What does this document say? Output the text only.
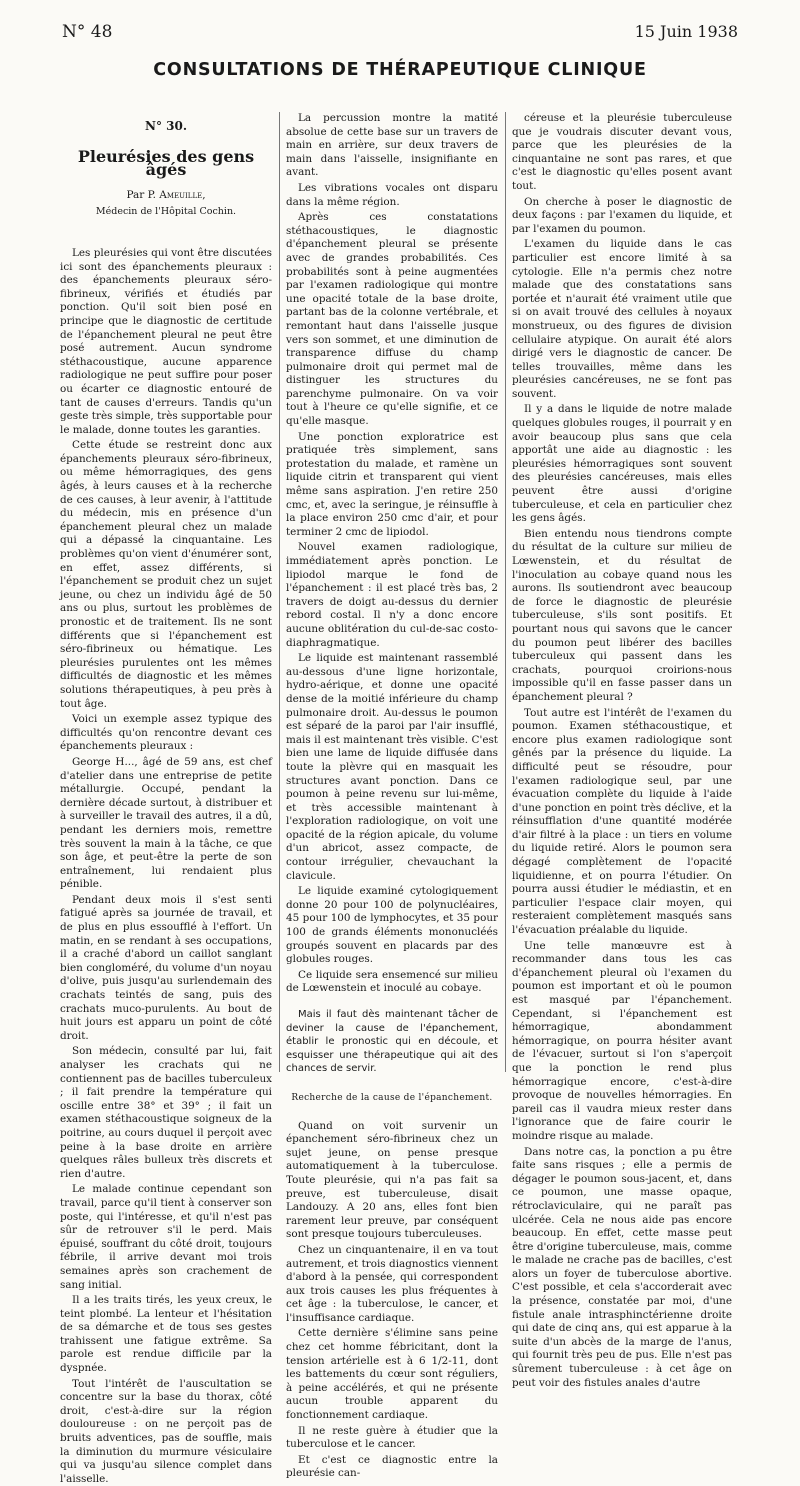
N° 48	15 Juin 1938
CONSULTATIONS DE THÉRAPEUTIQUE CLINIQUE
N° 30.
Pleurésies des gens âgés
Par P. Ameuille,
Médecin de l'Hôpital Cochin.

Les pleurésies qui vont être discutées ici sont des épanchements pleuraux : des épanchements pleuraux séro-fibrineux, vérifiés et étudiés par ponction. Qu'il soit bien posé en principe que le diagnostic de certitude de l'épanchement pleural ne peut être posé autrement. Aucun syndrome stéthacoustique, aucune apparence radiologique ne peut suffire pour poser ou écarter ce diagnostic entouré de tant de causes d'erreurs. Tandis qu'un geste très simple, très supportable pour le malade, donne toutes les garanties.

Cette étude se restreint donc aux épanchements pleuraux séro-fibrineux, ou même hémorragiques, des gens âgés, à leurs causes et à la recherche de ces causes, à leur avenir, à l'attitude du médecin, mis en présence d'un épanchement pleural chez un malade qui a dépassé la cinquantaine. Les problèmes qu'on vient d'énumérer sont, en effet, assez différents, si l'épanchement se produit chez un sujet jeune, ou chez un individu âgé de 50 ans ou plus, surtout les problèmes de pronostic et de traitement. Ils ne sont différents que si l'épanchement est séro-fibrineux ou hématique. Les pleurésies purulentes ont les mêmes difficultés de diagnostic et les mêmes solutions thérapeutiques, à peu près à tout âge.

Voici un exemple assez typique des difficultés qu'on rencontre devant ces épanchements pleuraux :

George H..., âgé de 59 ans, est chef d'atelier dans une entreprise de petite métallurgie. Occupé, pendant la dernière décade surtout, à distribuer et à surveiller le travail des autres, il a dû, pendant les derniers mois, remettre très souvent la main à la tâche, ce que son âge, et peut-être la perte de son entraînement, lui rendaient plus pénible.

Pendant deux mois il s'est senti fatigué après sa journée de travail, et de plus en plus essoufflé à l'effort. Un matin, en se rendant à ses occupations, il a craché d'abord un caillot sanglant bien congloméré, du volume d'un noyau d'olive, puis jusqu'au surlendemain des crachats teintés de sang, puis des crachats muco-purulents. Au bout de huit jours est apparu un point de côté droit.

Son médecin, consulté par lui, fait analyser les crachats qui ne contiennent pas de bacilles tuberculeux ; il fait prendre la température qui oscille entre 38° et 39° ; il fait un examen stéthacoustique soigneux de la poitrine, au cours duquel il perçoit avec peine à la base droite en arrière quelques râles bulleux très discrets et rien d'autre.

Le malade continue cependant son travail, parce qu'il tient à conserver son poste, qui l'intéresse, et qu'il n'est pas sûr de retrouver s'il le perd. Mais épuisé, souffrant du côté droit, toujours fébrile, il arrive devant moi trois semaines après son crachement de sang initial.

Il a les traits tirés, les yeux creux, le teint plombé. La lenteur et l'hésitation de sa démarche et de tous ses gestes trahissent une fatigue extrême. Sa parole est rendue difficile par la dyspnée.

Tout l'intérêt de l'auscultation se concentre sur la base du thorax, côté droit, c'est-à-dire sur la région douloureuse : on ne perçoit pas de bruits adventices, pas de souffle, mais la diminution du murmure vésiculaire qui va jusqu'au silence complet dans l'aisselle.

La percussion montre la matité absolue de cette base sur un travers de main en arrière, sur deux travers de main dans l'aisselle, insignifiante en avant.

Les vibrations vocales ont disparu dans la même région.

Après ces constatations stéthacoustiques, le diagnostic d'épanchement pleural se présente avec de grandes probabilités. Ces probabilités sont à peine augmentées par l'examen radiologique qui montre une opacité totale de la base droite, partant bas de la colonne vertébrale, et remontant haut dans l'aisselle jusque vers son sommet, et une diminution de transparence diffuse du champ pulmonaire droit qui permet mal de distinguer les structures du parenchyme pulmonaire. On va voir tout à l'heure ce qu'elle signifie, et ce qu'elle masque.

Une ponction exploratrice est pratiquée très simplement, sans protestation du malade, et ramène un liquide citrin et transparent qui vient même sans aspiration. J'en retire 250 cmc, et, avec la seringue, je réinsuffle à la place environ 250 cmc d'air, et pour terminer 2 cmc de lipiodol.

Nouvel examen radiologique, immédiatement après ponction. Le lipiodol marque le fond de l'épanchement : il est placé très bas, 2 travers de doigt au-dessus du dernier rebord costal. Il n'y a donc encore aucune oblitération du cul-de-sac costo-diaphragmatique.

Le liquide est maintenant rassemblé au-dessous d'une ligne horizontale, hydro-aérique, et donne une opacité dense de la moitié inférieure du champ pulmonaire droit. Au-dessus le poumon est séparé de la paroi par l'air insufflé, mais il est maintenant très visible. C'est bien une lame de liquide diffusée dans toute la plèvre qui en masquait les structures avant ponction. Dans ce poumon à peine revenu sur lui-même, et très accessible maintenant à l'exploration radiologique, on voit une opacité de la région apicale, du volume d'un abricot, assez compacte, de contour irrégulier, chevauchant la clavicule.

Le liquide examiné cytologiquement donne 20 pour 100 de polynucléaires, 45 pour 100 de lymphocytes, et 35 pour 100 de grands éléments mononucléés groupés souvent en placards par des globules rouges.

Ce liquide sera ensemencé sur milieu de Lœwenstein et inoculé au cobaye.

Mais il faut dès maintenant tâcher de deviner la cause de l'épanchement, établir le pronostic qui en découle, et esquisser une thérapeutique qui ait des chances de servir.

Recherche de la cause de l'épanchement.

Quand on voit survenir un épanchement séro-fibrineux chez un sujet jeune, on pense presque automatiquement à la tuberculose. Toute pleurésie, qui n'a pas fait sa preuve, est tuberculeuse, disait Landouzy. A 20 ans, elles font bien rarement leur preuve, par conséquent sont presque toujours tuberculeuses.

Chez un cinquantenaire, il en va tout autrement, et trois diagnostics viennent d'abord à la pensée, qui correspondent aux trois causes les plus fréquentes à cet âge : la tuberculose, le cancer, et l'insuffisance cardiaque.

Cette dernière s'élimine sans peine chez cet homme fébricitant, dont la tension artérielle est à 6 1/2-11, dont les battements du cœur sont réguliers, à peine accélérés, et qui ne présente aucun trouble apparent du fonctionnement cardiaque.

Il ne reste guère à étudier que la tuberculose et le cancer.

Et c'est ce diagnostic entre la pleurésie can-

céreuse et la pleurésie tuberculeuse que je voudrais discuter devant vous, parce que les pleurésies de la cinquantaine ne sont pas rares, et que c'est le diagnostic qu'elles posent avant tout.

On cherche à poser le diagnostic de deux façons : par l'examen du liquide, et par l'examen du poumon.

L'examen du liquide dans le cas particulier est encore limité à sa cytologie. Elle n'a permis chez notre malade que des constatations sans portée et n'aurait été vraiment utile que si on avait trouvé des cellules à noyaux monstrueux, ou des figures de division cellulaire atypique. On aurait été alors dirigé vers le diagnostic de cancer. De telles trouvailles, même dans les pleurésies cancéreuses, ne se font pas souvent.

Il y a dans le liquide de notre malade quelques globules rouges, il pourrait y en avoir beaucoup plus sans que cela apportât une aide au diagnostic : les pleurésies hémorragiques sont souvent des pleurésies cancéreuses, mais elles peuvent être aussi d'origine tuberculeuse, et cela en particulier chez les gens âgés.

Bien entendu nous tiendrons compte du résultat de la culture sur milieu de Lœwenstein, et du résultat de l'inoculation au cobaye quand nous les aurons. Ils soutiendront avec beaucoup de force le diagnostic de pleurésie tuberculeuse, s'ils sont positifs. Et pourtant nous qui savons que le cancer du poumon peut libérer des bacilles tuberculeux qui passent dans les crachats, pourquoi croirions-nous impossible qu'il en fasse passer dans un épanchement pleural ?

Tout autre est l'intérêt de l'examen du poumon. Examen stéthacoustique, et encore plus examen radiologique sont gênés par la présence du liquide. La difficulté peut se résoudre, pour l'examen radiologique seul, par une évacuation complète du liquide à l'aide d'une ponction en point très déclive, et la réinsufflation d'une quantité modérée d'air filtré à la place : un tiers en volume du liquide retiré. Alors le poumon sera dégagé complètement de l'opacité liquidienne, et on pourra l'étudier. On pourra aussi étudier le médiastin, et en particulier l'espace clair moyen, qui resteraient complètement masqués sans l'évacuation préalable du liquide.

Une telle manœuvre est à recommander dans tous les cas d'épanchement pleural où l'examen du poumon est important et où le poumon est masqué par l'épanchement. Cependant, si l'épanchement est hémorragique, abondamment hémorragique, on pourra hésiter avant de l'évacuer, surtout si l'on s'aperçoit que la ponction le rend plus hémorragique encore, c'est-à-dire provoque de nouvelles hémorragies. En pareil cas il vaudra mieux rester dans l'ignorance que de faire courir le moindre risque au malade.

Dans notre cas, la ponction a pu être faite sans risques ; elle a permis de dégager le poumon sous-jacent, et, dans ce poumon, une masse opaque, rétroclaviculaire, qui ne paraît pas ulcérée. Cela ne nous aide pas encore beaucoup. En effet, cette masse peut être d'origine tuberculeuse, mais, comme le malade ne crache pas de bacilles, c'est alors un foyer de tuberculose abortive. C'est possible, et cela s'accorderait avec la présence, constatée par moi, d'une fistule anale intrasphinctérienne droite qui date de cinq ans, qui est apparue à la suite d'un abcès de la marge de l'anus, qui fournit très peu de pus. Elle n'est pas sûrement tuberculeuse : à cet âge on peut voir des fistules anales d'autre
